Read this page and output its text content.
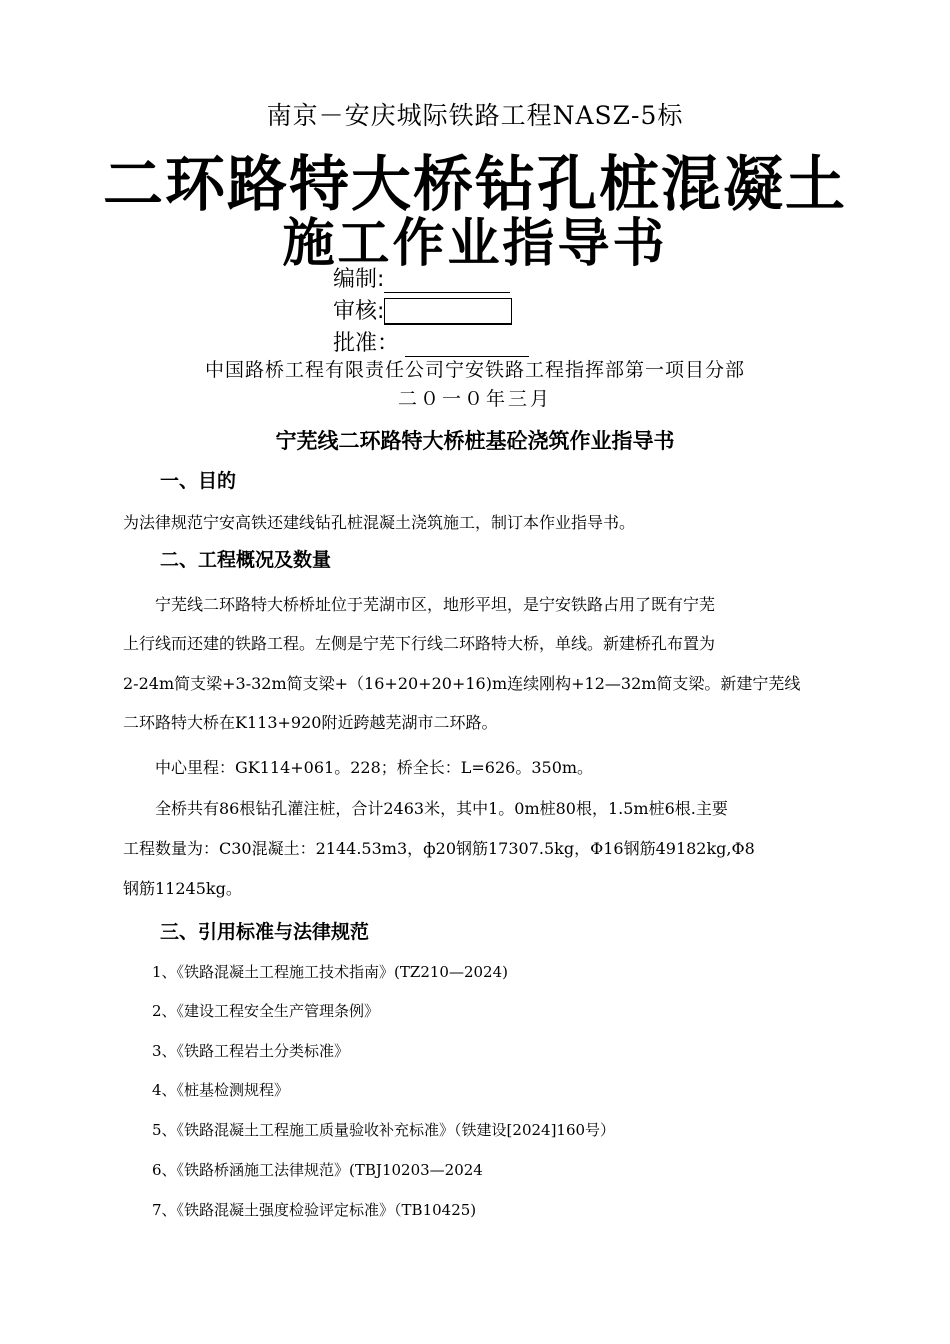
南京－安庆城际铁路工程NASZ-5标
二环路特大桥钻孔桩混凝土
施工作业指导书
编制:
审核:
批准：
中国路桥工程有限责任公司宁安铁路工程指挥部第一项目分部
二０一０年三月
宁芜线二环路特大桥桩基砼浇筑作业指导书
一、目的
为法律规范宁安高铁还建线钻孔桩混凝土浇筑施工，制订本作业指导书。
二、工程概况及数量
宁芜线二环路特大桥桥址位于芜湖市区，地形平坦，是宁安铁路占用了既有宁芜
上行线而还建的铁路工程。左侧是宁芜下行线二环路特大桥，单线。新建桥孔布置为
2-24m简支梁+3-32m简支梁+（16+20+20+16)m连续刚构+12—32m简支梁。新建宁芜线
二环路特大桥在K113+920附近跨越芜湖市二环路。
中心里程：GK114+061。228；桥全长：L=626。350m。
全桥共有86根钻孔灌注桩，合计2463米，其中1。0m桩80根，1.5m桩6根.主要
工程数量为：C30混凝土：2144.53m3，ф20钢筋17307.5kg，Φ16钢筋49182kg,Φ8
钢筋11245kg。
三、引用标准与法律规范
1、《铁路混凝土工程施工技术指南》(TZ210—2024)
2、《建设工程安全生产管理条例》
3、《铁路工程岩土分类标准》
4、《桩基检测规程》
5、《铁路混凝土工程施工质量验收补充标准》（铁建设[2024]160号）
6、《铁路桥涵施工法律规范》(TBJ10203—2024
7、《铁路混凝土强度检验评定标准》（TB10425)
